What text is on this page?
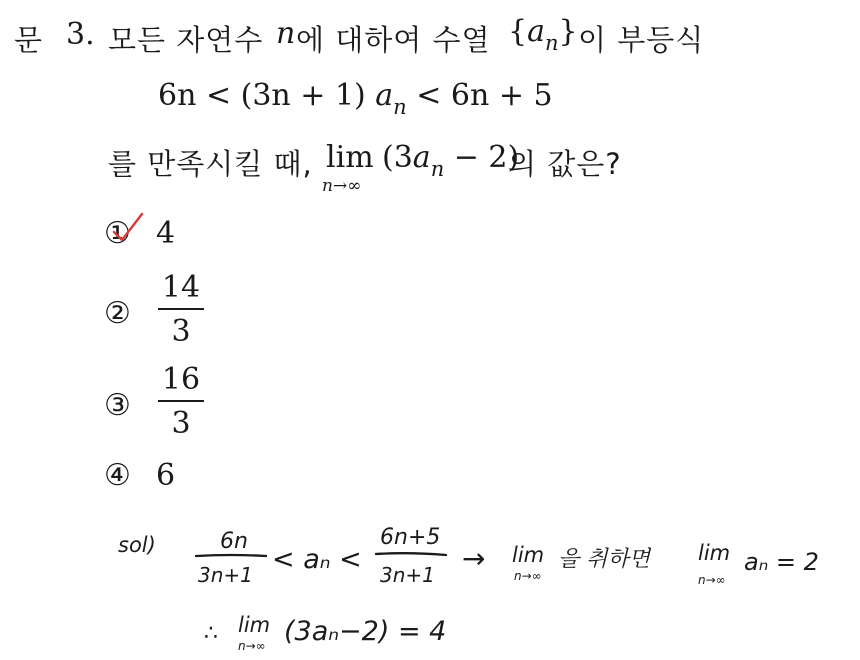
문 3. 모든 자연수 n 에 대하여 수열 $\{a_n\}$ 이 부등식
6n < (3n + 1) $a_n < 6n + 5$
를 만족시킬 때, lim
n→∞
$(3a_n - 2)$
의 값은?
① 4
②
14
3
③
16
3
④ 6
sol)	6n
3n+1 < aₙ <
6n+5
3n+1 → lim
n→∞
을 취하면 lim
n→∞
aₙ = 2
∴ lim
n→∞ (3aₙ−2) = 4
